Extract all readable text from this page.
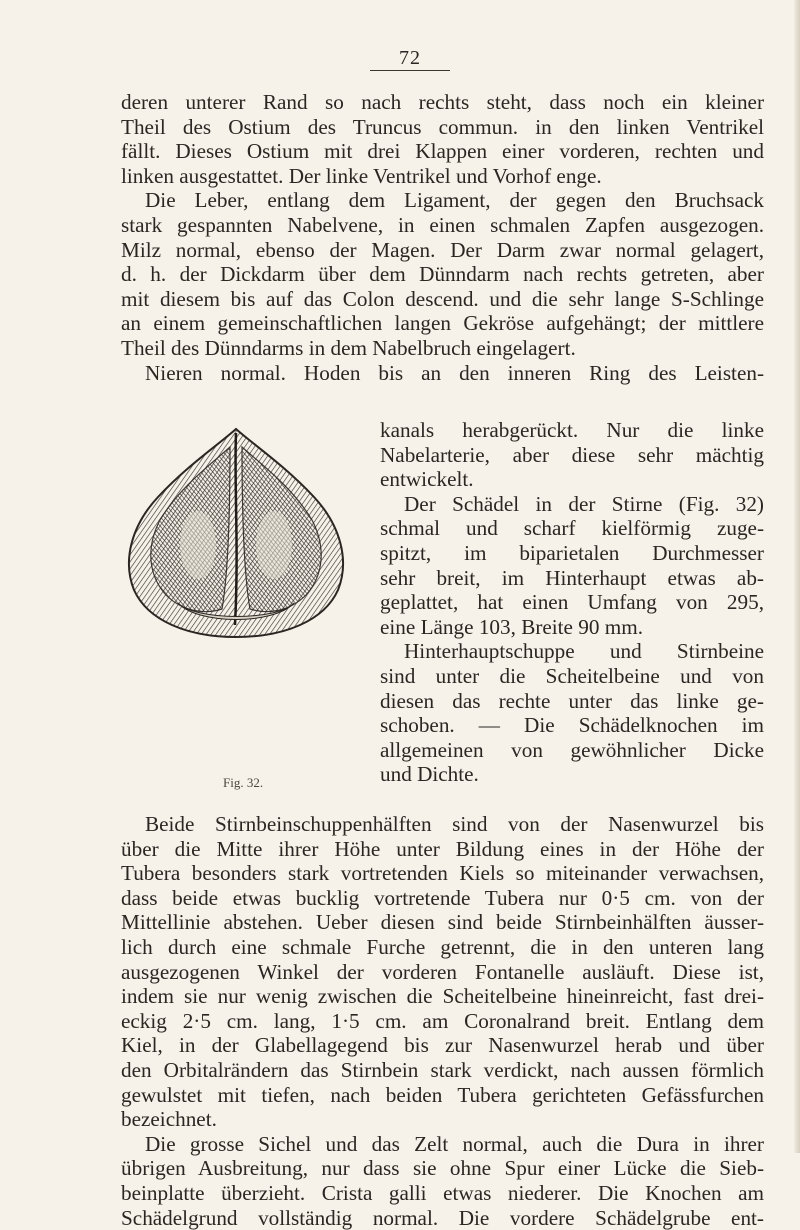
72
deren unterer Rand so nach rechts steht, dass noch ein kleiner
Theil des Ostium des Truncus commun. in den linken Ventrikel
fällt. Dieses Ostium mit drei Klappen einer vorderen, rechten und
linken ausgestattet. Der linke Ventrikel und Vorhof enge.
Die Leber, entlang dem Ligament, der gegen den Bruchsack
stark gespannten Nabelvene, in einen schmalen Zapfen ausgezogen.
Milz normal, ebenso der Magen. Der Darm zwar normal gelagert,
d. h. der Dickdarm über dem Dünndarm nach rechts getreten, aber
mit diesem bis auf das Colon descend. und die sehr lange S-Schlinge
an einem gemeinschaftlichen langen Gekröse aufgehängt; der mittlere
Theil des Dünndarms in dem Nabelbruch eingelagert.
Nieren normal. Hoden bis an den inneren Ring des Leisten-
Fig. 32.
kanals herabgerückt. Nur die linke
Nabelarterie, aber diese sehr mächtig
entwickelt.
Der Schädel in der Stirne (Fig. 32)
schmal und scharf kielförmig zuge-
spitzt, im biparietalen Durchmesser
sehr breit, im Hinterhaupt etwas ab-
geplattet, hat einen Umfang von 295,
eine Länge 103, Breite 90 mm.
Hinterhauptschuppe und Stirnbeine
sind unter die Scheitelbeine und von
diesen das rechte unter das linke ge-
schoben. — Die Schädelknochen im
allgemeinen von gewöhnlicher Dicke
und Dichte.
Beide Stirnbeinschuppenhälften sind von der Nasenwurzel bis
über die Mitte ihrer Höhe unter Bildung eines in der Höhe der
Tubera besonders stark vortretenden Kiels so miteinander verwachsen,
dass beide etwas bucklig vortretende Tubera nur 0·5 cm. von der
Mittellinie abstehen. Ueber diesen sind beide Stirnbeinhälften äusser-
lich durch eine schmale Furche getrennt, die in den unteren lang
ausgezogenen Winkel der vorderen Fontanelle ausläuft. Diese ist,
indem sie nur wenig zwischen die Scheitelbeine hineinreicht, fast drei-
eckig 2·5 cm. lang, 1·5 cm. am Coronalrand breit. Entlang dem
Kiel, in der Glabellagegend bis zur Nasenwurzel herab und über
den Orbitalrändern das Stirnbein stark verdickt, nach aussen förmlich
gewulstet mit tiefen, nach beiden Tubera gerichteten Gefässfurchen
bezeichnet.
Die grosse Sichel und das Zelt normal, auch die Dura in ihrer
übrigen Ausbreitung, nur dass sie ohne Spur einer Lücke die Sieb-
beinplatte überzieht. Crista galli etwas niederer. Die Knochen am
Schädelgrund vollständig normal. Die vordere Schädelgrube ent-
